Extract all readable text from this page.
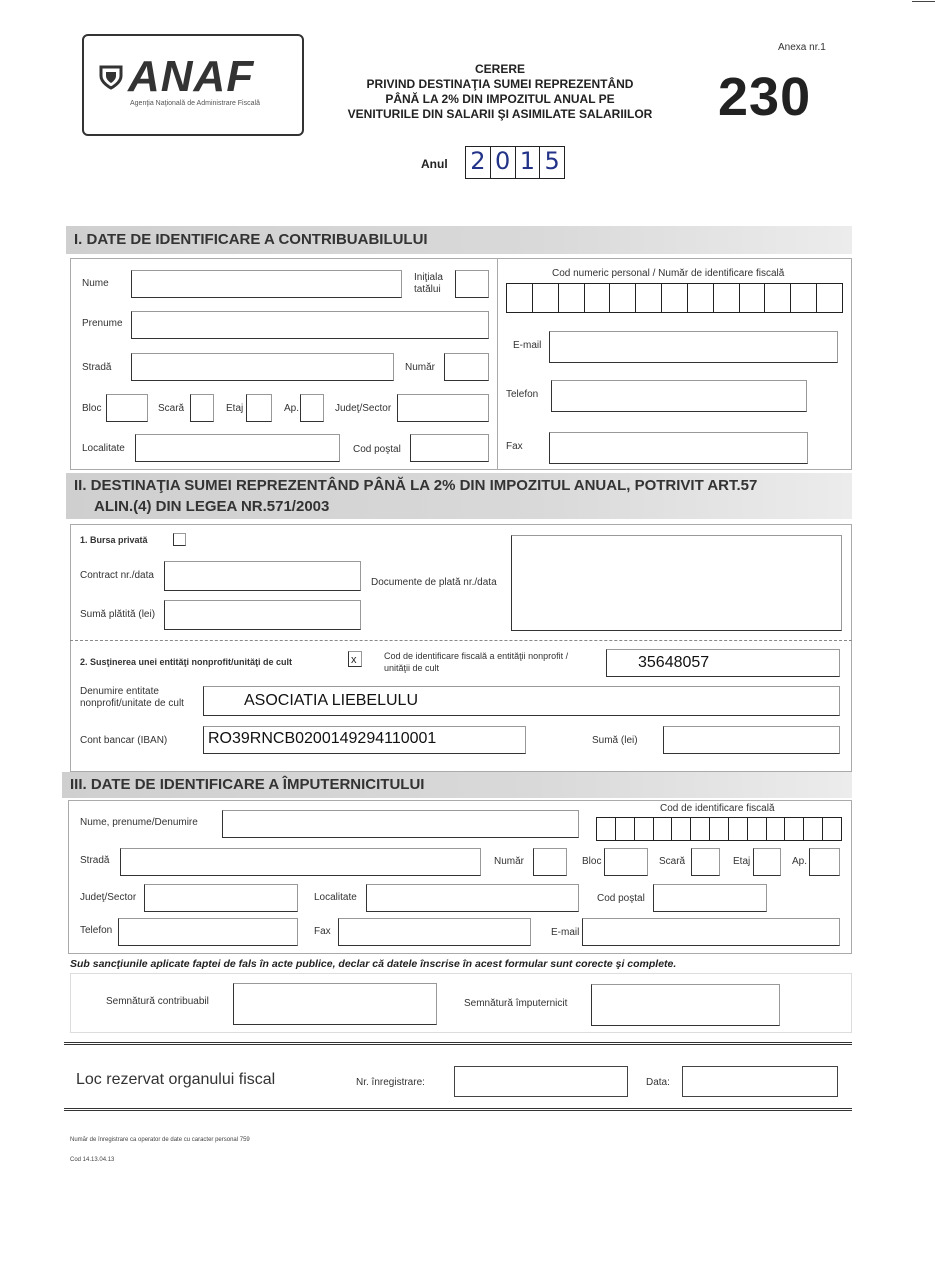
ANAF
Agenţia Naţională de Administrare Fiscală
CERERE
PRIVIND DESTINAŢIA SUMEI REPREZENTÂND
PÂNĂ LA 2% DIN IMPOZITUL ANUAL PE
VENITURILE DIN SALARII ŞI ASIMILATE SALARIILOR
Anexa nr.1
230
Anul 2 0 1 5
I. DATE DE IDENTIFICARE A CONTRIBUABILULUI
Nume
Iniţiala tatălui
Prenume
Stradă	Număr
Bloc	Scară	Etaj	Ap.	Judeţ/Sector
Localitate	Cod poştal
Cod numeric personal / Număr de identificare fiscală
E-mail
Telefon
Fax
II. DESTINAŢIA SUMEI REPREZENTÂND PÂNĂ LA 2% DIN IMPOZITUL ANUAL, POTRIVIT ART.57
ALIN.(4) DIN LEGEA NR.571/2003
1. Bursa privată
Contract nr./data
Sumă plătită (lei)
Documente de plată nr./data
2. Susţinerea unei entităţi nonprofit/unităţi de cult	x	Cod de identificare fiscală a entităţii nonprofit /
unităţii de cult	35648057
Denumire entitate
nonprofit/unitate de cult	ASOCIATIA LIEBELULU
Cont bancar (IBAN)	RO39RNCB0200149294110001	Sumă (lei)
III. DATE DE IDENTIFICARE A ÎMPUTERNICITULUI
Nume, prenume/Denumire
Cod de identificare fiscală
Stradă	Număr	Bloc	Scară	Etaj	Ap.
Judeţ/Sector	Localitate	Cod poştal
Telefon	Fax	E-mail
Sub sancţiunile aplicate faptei de fals în acte publice, declar că datele înscrise în acest formular sunt corecte şi complete.
Semnătură contribuabil	Semnătură împuternicit
Loc rezervat organului fiscal	Nr. înregistrare:	Data:
Număr de înregistrare ca operator de date cu caracter personal 759
Cod 14.13.04.13
